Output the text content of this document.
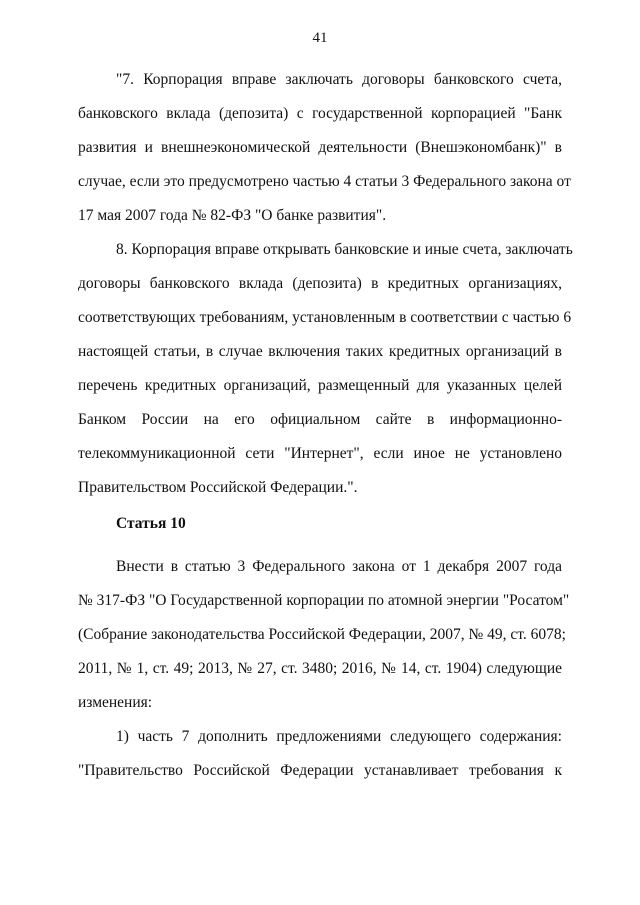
41
"7. Корпорация вправе заключать договоры банковского счета,
банковского вклада (депозита) с государственной корпорацией "Банк
развития и внешнеэкономической деятельности (Внешэкономбанк)" в
случае, если это предусмотрено частью 4 статьи 3 Федерального закона от
17 мая 2007 года № 82-ФЗ "О банке развития".
8. Корпорация вправе открывать банковские и иные счета, заключать
договоры банковского вклада (депозита) в кредитных организациях,
соответствующих требованиям, установленным в соответствии с частью 6
настоящей статьи, в случае включения таких кредитных организаций в
перечень кредитных организаций, размещенный для указанных целей
Банком России на его официальном сайте в информационно-
телекоммуникационной сети "Интернет", если иное не установлено
Правительством Российской Федерации.".
Статья 10
Внести в статью 3 Федерального закона от 1 декабря 2007 года
№ 317-ФЗ "О Государственной корпорации по атомной энергии "Росатом"
(Собрание законодательства Российской Федерации, 2007, № 49, ст. 6078;
2011, № 1, ст. 49; 2013, № 27, ст. 3480; 2016, № 14, ст. 1904) следующие
изменения:
1) часть 7 дополнить предложениями следующего содержания:
"Правительство Российской Федерации устанавливает требования к
